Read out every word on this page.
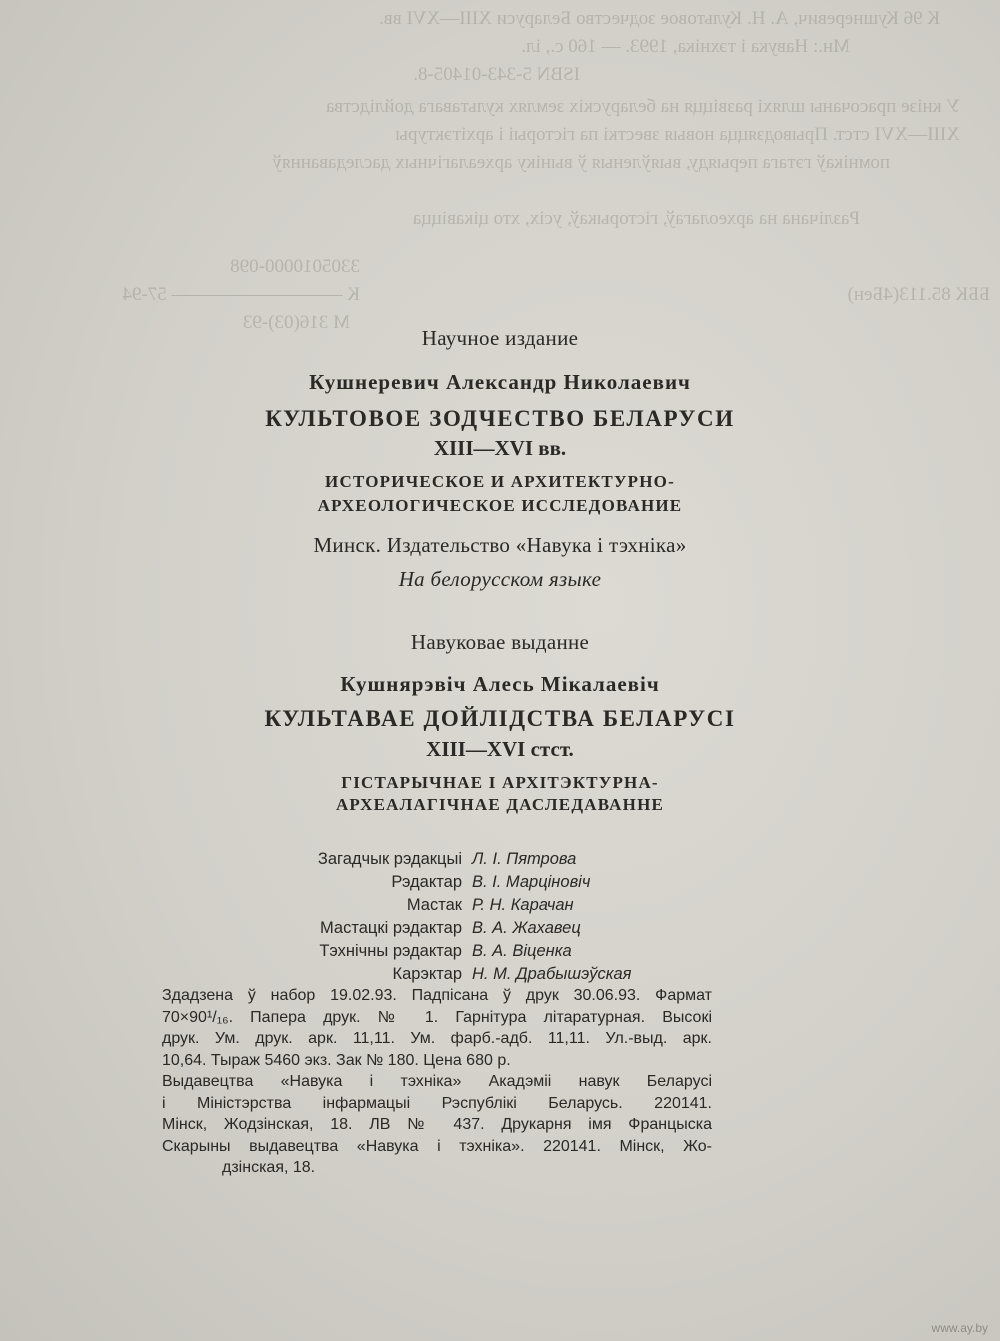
К 96 Кушнеревич, А. Н. Культовое зодчество Беларуси XIII—XVI вв.
Мн.: Навука і тэхніка, 1993. — 160 с., іл.
ISBN 5-343-01405-8.
У кнізе прасочаны шляхі развіцця на беларускіх землях культавага дойлідства
XIII—XVI стст. Прыводзяцца новыя звесткі па гісторыі і архітэктуры
помнікаў гэтага перыяду, выяўленыя ў выніку археалагічных даследаванняў
Разлічана на археолагаў, гісторыкаў, усіх, хто цікавіцца
3305010000-098
К ————————— 57-94
М 316(03)-93
ББК 85.113(4Бен)
Научное издание
Кушнеревич Александр Николаевич
КУЛЬТОВОЕ ЗОДЧЕСТВО БЕЛАРУСИ
XIII—XVI вв.
ИСТОРИЧЕСКОЕ И АРХИТЕКТУРНО-
АРХЕОЛОГИЧЕСКОЕ ИССЛЕДОВАНИЕ
Минск. Издательство «Навука і тэхніка»
На белорусском языке
Навуковае выданне
Кушнярэвіч Алесь Мікалаевіч
КУЛЬТАВАЕ ДОЙЛІДСТВА БЕЛАРУСІ
XIII—XVI стст.
ГІСТАРЫЧНАЕ І АРХІТЭКТУРНА-
АРХЕАЛАГІЧНАЕ ДАСЛЕДАВАННЕ
Загадчык рэдакцыі Л. І. Пятрова
Рэдактар В. І. Марціновіч
Мастак Р. Н. Карачан
Мастацкі рэдактар В. А. Жахавец
Тэхнічны рэдактар В. А. Віценка
Карэктар Н. М. Драбышэўская
Здадзена ў набор 19.02.93. Падпісана ў друк 30.06.93. Фармат
70×90¹/₁₆. Папера друк. № 1. Гарнітура літаратурная. Высокі
друк. Ум. друк. арк. 11,11. Ум. фарб.-адб. 11,11. Ул.-выд. арк.
10,64. Тыраж 5460 экз. Зак № 180. Цена 680 р.
Выдавецтва «Навука і тэхніка» Акадэміі навук Беларусі
і Міністэрства інфармацыі Рэспублікі Беларусь. 220141.
Мінск, Жодзінская, 18. ЛВ № 437. Друкарня імя Францыска
Скарыны выдавецтва «Навука і тэхніка». 220141. Мінск, Жо-
дзінская, 18.
www.ay.by
